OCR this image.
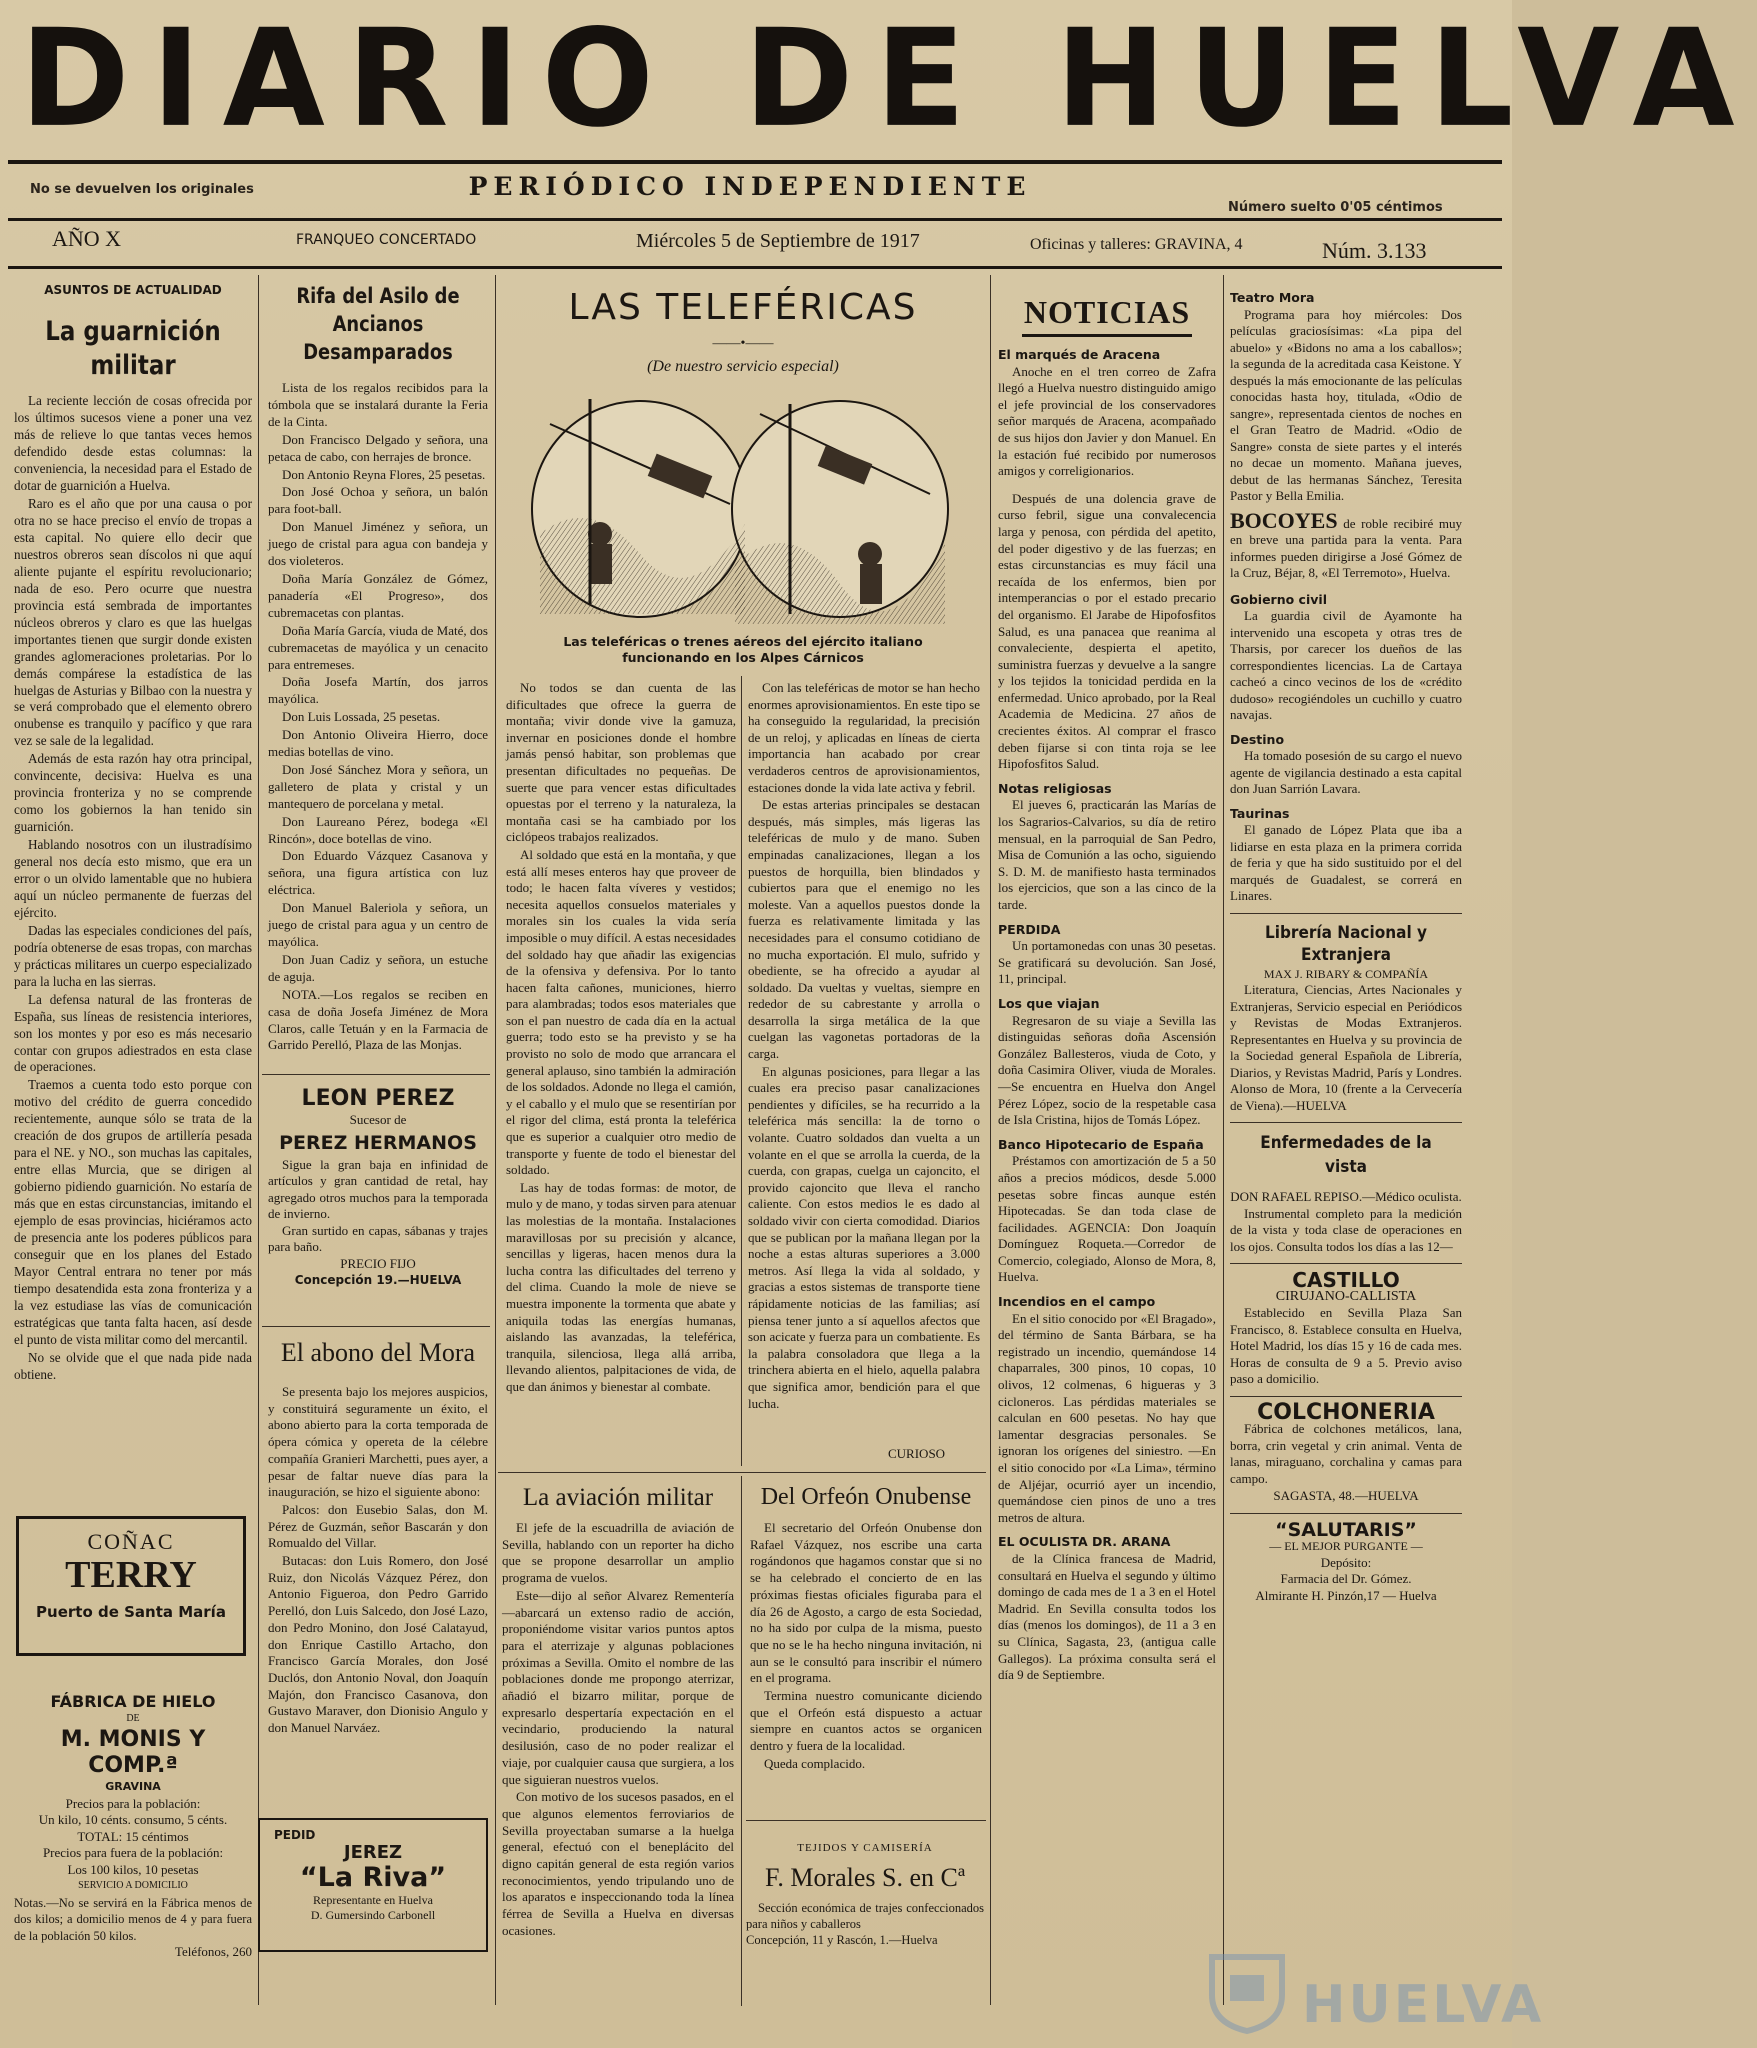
DIARIO DE HUELVA
No se devuelven los originales	PERIÓDICO INDEPENDIENTE
Número suelto 0'05 céntimos
AÑO X	FRANQUEO CONCERTADO	Miércoles 5 de Septiembre de 1917	Oficinas y talleres: GRAVINA, 4	Núm. 3.133
ASUNTOS DE ACTUALIDAD
La guarnición militar

La reciente lección de cosas ofrecida por los últimos sucesos viene a poner una vez más de relieve lo que tantas veces hemos defendido desde estas columnas: la conveniencia, la necesidad para el Estado de dotar de guarnición a Huelva.

Raro es el año que por una causa o por otra no se hace preciso el envío de tropas a esta capital. No quiere ello decir que nuestros obreros sean díscolos ni que aquí aliente pujante el espíritu revolucionario; nada de eso. Pero ocurre que nuestra provincia está sembrada de importantes núcleos obreros y claro es que las huelgas importantes tienen que surgir donde existen grandes aglomeraciones proletarias. Por lo demás compárese la estadística de las huelgas de Asturias y Bilbao con la nuestra y se verá comprobado que el elemento obrero onubense es tranquilo y pacífico y que rara vez se sale de la legalidad.

Además de esta razón hay otra principal, convincente, decisiva: Huelva es una provincia fronteriza y no se comprende como los gobiernos la han tenido sin guarnición.

Hablando nosotros con un ilustradísimo general nos decía esto mismo, que era un error o un olvido lamentable que no hubiera aquí un núcleo permanente de fuerzas del ejército.

Dadas las especiales condiciones del país, podría obtenerse de esas tropas, con marchas y prácticas militares un cuerpo especializado para la lucha en las sierras.

La defensa natural de las fronteras de España, sus líneas de resistencia interiores, son los montes y por eso es más necesario contar con grupos adiestrados en esta clase de operaciones.

Traemos a cuenta todo esto porque con motivo del crédito de guerra concedido recientemente, aunque sólo se trata de la creación de dos grupos de artillería pesada para el NE. y NO., son muchas las capitales, entre ellas Murcia, que se dirigen al gobierno pidiendo guarnición. No estaría de más que en estas circunstancias, imitando el ejemplo de esas provincias, hiciéramos acto de presencia ante los poderes públicos para conseguir que en los planes del Estado Mayor Central entrara no tener por más tiempo desatendida esta zona fronteriza y a la vez estudiase las vías de comunicación estratégicas que tanta falta hacen, así desde el punto de vista militar como del mercantil.

No se olvide que el que nada pide nada obtiene.

COÑAC
TERRY
Puerto de Santa María
FÁBRICA DE HIELO
DE
M. MONIS Y COMP.ª
GRAVINA
Precios para la población:
Un kilo, 10 cénts. consumo, 5 cénts.
TOTAL: 15 céntimos
Precios para fuera de la población:
Los 100 kilos, 10 pesetas
SERVICIO A DOMICILIO
Notas.—No se servirá en la Fábrica menos de dos kilos; a domicilio menos de 4 y para fuera de la población 50 kilos.
Teléfonos, 260
Rifa del Asilo de Ancianos Desamparados

Lista de los regalos recibidos para la tómbola que se instalará durante la Feria de la Cinta.

Don Francisco Delgado y señora, una petaca de cabo, con herrajes de bronce.

Don Antonio Reyna Flores, 25 pesetas.

Don José Ochoa y señora, un balón para foot-ball.

Don Manuel Jiménez y señora, un juego de cristal para agua con bandeja y dos violeteros.

Doña María González de Gómez, panadería «El Progreso», dos cubremacetas con plantas.

Doña María García, viuda de Maté, dos cubremacetas de mayólica y un cenacito para entremeses.

Doña Josefa Martín, dos jarros mayólica.

Don Luis Lossada, 25 pesetas.

Don Antonio Oliveira Hierro, doce medias botellas de vino.

Don José Sánchez Mora y señora, un galletero de plata y cristal y un mantequero de porcelana y metal.

Don Laureano Pérez, bodega «El Rincón», doce botellas de vino.

Don Eduardo Vázquez Casanova y señora, una figura artística con luz eléctrica.

Don Manuel Baleriola y señora, un juego de cristal para agua y un centro de mayólica.

Don Juan Cadiz y señora, un estuche de aguja.

NOTA.—Los regalos se reciben en casa de doña Josefa Jiménez de Mora Claros, calle Tetuán y en la Farmacia de Garrido Perelló, Plaza de las Monjas.

LEON PEREZ
Sucesor de
PEREZ HERMANOS
Sigue la gran baja en infinidad de artículos y gran cantidad de retal, hay agregado otros muchos para la temporada de invierno.
Gran surtido en capas, sábanas y trajes para baño.
PRECIO FIJO
Concepción 19.—HUELVA
El abono del Mora

Se presenta bajo los mejores auspicios, y constituirá seguramente un éxito, el abono abierto para la corta temporada de ópera cómica y opereta de la célebre compañía Granieri Marchetti, pues ayer, a pesar de faltar nueve días para la inauguración, se hizo el siguiente abono:

Palcos: don Eusebio Salas, don M. Pérez de Guzmán, señor Bascarán y don Romualdo del Villar.

Butacas: don Luis Romero, don José Ruiz, don Nicolás Vázquez Pérez, don Antonio Figueroa, don Pedro Garrido Perelló, don Luis Salcedo, don José Lazo, don Pedro Monino, don José Calatayud, don Enrique Castillo Artacho, don Francisco García Morales, don José Duclós, don Antonio Noval, don Joaquín Majón, don Francisco Casanova, don Gustavo Maraver, don Dionisio Angulo y don Manuel Narváez.

PEDID
JEREZ
“La Riva”
Representante en Huelva
D. Gumersindo Carbonell
LAS TELEFÉRICAS
——•——
(De nuestro servicio especial)
Las teleféricas o trenes aéreos del ejército italiano funcionando en los Alpes Cárnicos

No todos se dan cuenta de las dificultades que ofrece la guerra de montaña; vivir donde vive la gamuza, invernar en posiciones donde el hombre jamás pensó habitar, son problemas que presentan dificultades no pequeñas. De suerte que para vencer estas dificultades opuestas por el terreno y la naturaleza, la montaña casi se ha cambiado por los ciclópeos trabajos realizados.

Al soldado que está en la montaña, y que está allí meses enteros hay que proveer de todo; le hacen falta víveres y vestidos; necesita aquellos consuelos materiales y morales sin los cuales la vida sería imposible o muy difícil. A estas necesidades del soldado hay que añadir las exigencias de la ofensiva y defensiva. Por lo tanto hacen falta cañones, municiones, hierro para alambradas; todos esos materiales que son el pan nuestro de cada día en la actual guerra; todo esto se ha previsto y se ha provisto no solo de modo que arrancara el general aplauso, sino también la admiración de los soldados. Adonde no llega el camión, y el caballo y el mulo que se resentirían por el rigor del clima, está pronta la teleférica que es superior a cualquier otro medio de transporte y fuente de todo el bienestar del soldado.

Las hay de todas formas: de motor, de mulo y de mano, y todas sirven para atenuar las molestias de la montaña. Instalaciones maravillosas por su precisión y alcance, sencillas y ligeras, hacen menos dura la lucha contra las dificultades del terreno y del clima. Cuando la mole de nieve se muestra imponente la tormenta que abate y aniquila todas las energías humanas, aislando las avanzadas, la teleférica, tranquila, silenciosa, llega allá arriba, llevando alientos, palpitaciones de vida, de que dan ánimos y bienestar al combate.

Con las teleféricas de motor se han hecho enormes aprovisionamientos. En este tipo se ha conseguido la regularidad, la precisión de un reloj, y aplicadas en líneas de cierta importancia han acabado por crear verdaderos centros de aprovisionamientos, estaciones donde la vida late activa y febril.

De estas arterias principales se destacan después, más simples, más ligeras las teleféricas de mulo y de mano. Suben empinadas canalizaciones, llegan a los puestos de horquilla, bien blindados y cubiertos para que el enemigo no les moleste. Van a aquellos puestos donde la fuerza es relativamente limitada y las necesidades para el consumo cotidiano de no mucha exportación. El mulo, sufrido y obediente, se ha ofrecido a ayudar al soldado. Da vueltas y vueltas, siempre en rededor de su cabrestante y arrolla o desarrolla la sirga metálica de la que cuelgan las vagonetas portadoras de la carga.

En algunas posiciones, para llegar a las cuales era preciso pasar canalizaciones pendientes y difíciles, se ha recurrido a la teleférica más sencilla: la de torno o volante. Cuatro soldados dan vuelta a un volante en el que se arrolla la cuerda, de la cuerda, con grapas, cuelga un cajoncito, el provido cajoncito que lleva el rancho caliente. Con estos medios le es dado al soldado vivir con cierta comodidad. Diarios que se publican por la mañana llegan por la noche a estas alturas superiores a 3.000 metros. Así llega la vida al soldado, y gracias a estos sistemas de transporte tiene rápidamente noticias de las familias; así piensa tener junto a sí aquellos afectos que son acicate y fuerza para un combatiente. Es la palabra consoladora que llega a la trinchera abierta en el hielo, aquella palabra que significa amor, bendición para el que lucha.

CURIOSO
La aviación militar

El jefe de la escuadrilla de aviación de Sevilla, hablando con un reporter ha dicho que se propone desarrollar un amplio programa de vuelos.

Este—dijo al señor Alvarez Rementería—abarcará un extenso radio de acción, proponiéndome visitar varios puntos aptos para el aterrizaje y algunas poblaciones próximas a Sevilla. Omito el nombre de las poblaciones donde me propongo aterrizar, añadió el bizarro militar, porque de expresarlo despertaría expectación en el vecindario, produciendo la natural desilusión, caso de no poder realizar el viaje, por cualquier causa que surgiera, a los que siguieran nuestros vuelos.

Con motivo de los sucesos pasados, en el que algunos elementos ferroviarios de Sevilla proyectaban sumarse a la huelga general, efectuó con el beneplácito del digno capitán general de esta región varios reconocimientos, yendo tripulando uno de los aparatos e inspeccionando toda la línea férrea de Sevilla a Huelva en diversas ocasiones.

Del Orfeón Onubense

El secretario del Orfeón Onubense don Rafael Vázquez, nos escribe una carta rogándonos que hagamos constar que si no se ha celebrado el concierto de en las próximas fiestas oficiales figuraba para el día 26 de Agosto, a cargo de esta Sociedad, no ha sido por culpa de la misma, puesto que no se le ha hecho ninguna invitación, ni aun se le consultó para inscribir el número en el programa.

Termina nuestro comunicante diciendo que el Orfeón está dispuesto a actuar siempre en cuantos actos se organicen dentro y fuera de la localidad.

Queda complacido.

TEJIDOS Y CAMISERÍA
F. Morales S. en Cª
Sección económica de trajes confeccionados para niños y caballeros
Concepción, 11 y Rascón, 1.—Huelva
NOTICIAS
El marqués de Aracena

Anoche en el tren correo de Zafra llegó a Huelva nuestro distinguido amigo el jefe provincial de los conservadores señor marqués de Aracena, acompañado de sus hijos don Javier y don Manuel. En la estación fué recibido por numerosos amigos y correligionarios.

Después de una dolencia grave de curso febril, sigue una convalecencia larga y penosa, con pérdida del apetito, del poder digestivo y de las fuerzas; en estas circunstancias es muy fácil una recaída de los enfermos, bien por intemperancias o por el estado precario del organismo. El Jarabe de Hipofosfitos Salud, es una panacea que reanima al convaleciente, despierta el apetito, suministra fuerzas y devuelve a la sangre y los tejidos la tonicidad perdida en la enfermedad. Unico aprobado, por la Real Academia de Medicina. 27 años de crecientes éxitos. Al comprar el frasco deben fijarse si con tinta roja se lee Hipofosfitos Salud.

Notas religiosas

El jueves 6, practicarán las Marías de los Sagrarios-Calvarios, su día de retiro mensual, en la parroquial de San Pedro, Misa de Comunión a las ocho, siguiendo S. D. M. de manifiesto hasta terminados los ejercicios, que son a las cinco de la tarde.

PERDIDA

Un portamonedas con unas 30 pesetas. Se gratificará su devolución. San José, 11, principal.

Los que viajan

Regresaron de su viaje a Sevilla las distinguidas señoras doña Ascensión González Ballesteros, viuda de Coto, y doña Casimira Oliver, viuda de Morales. —Se encuentra en Huelva don Angel Pérez López, socio de la respetable casa de Isla Cristina, hijos de Tomás López.

Banco Hipotecario de España

Préstamos con amortización de 5 a 50 años a precios módicos, desde 5.000 pesetas sobre fincas aunque estén Hipotecadas. Se dan toda clase de facilidades. AGENCIA: Don Joaquín Domínguez Roqueta.—Corredor de Comercio, colegiado, Alonso de Mora, 8, Huelva.

Incendios en el campo

En el sitio conocido por «El Bragado», del término de Santa Bárbara, se ha registrado un incendio, quemándose 14 chaparrales, 300 pinos, 10 copas, 10 olivos, 12 colmenas, 6 higueras y 3 cicloneros. Las pérdidas materiales se calculan en 600 pesetas. No hay que lamentar desgracias personales. Se ignoran los orígenes del siniestro. —En el sitio conocido por «La Lima», término de Aljéjar, ocurrió ayer un incendio, quemándose cien pinos de uno a tres metros de altura.

EL OCULISTA DR. ARANA

de la Clínica francesa de Madrid, consultará en Huelva el segundo y último domingo de cada mes de 1 a 3 en el Hotel Madrid. En Sevilla consulta todos los días (menos los domingos), de 11 a 3 en su Clínica, Sagasta, 23, (antigua calle Gallegos). La próxima consulta será el día 9 de Septiembre.

Teatro Mora

Programa para hoy miércoles: Dos películas graciosísimas: «La pipa del abuelo» y «Bidons no ama a los caballos»; la segunda de la acreditada casa Keistone. Y después la más emocionante de las películas conocidas hasta hoy, titulada, «Odio de sangre», representada cientos de noches en el Gran Teatro de Madrid. «Odio de Sangre» consta de siete partes y el interés no decae un momento. Mañana jueves, debut de las hermanas Sánchez, Teresita Pastor y Bella Emilia.

BOCOYES de roble recibiré muy en breve una partida para la venta. Para informes pueden dirigirse a José Gómez de la Cruz, Béjar, 8, «El Terremoto», Huelva.
Gobierno civil

La guardia civil de Ayamonte ha intervenido una escopeta y otras tres de Tharsis, por carecer los dueños de las correspondientes licencias. La de Cartaya cacheó a cinco vecinos de los de «crédito dudoso» recogiéndoles un cuchillo y cuatro navajas.

Destino

Ha tomado posesión de su cargo el nuevo agente de vigilancia destinado a esta capital don Juan Sarrión Lavara.

Taurinas

El ganado de López Plata que iba a lidiarse en esta plaza en la primera corrida de feria y que ha sido sustituido por el del marqués de Guadalest, se correrá en Linares.

Librería Nacional y Extranjera
MAX J. RIBARY & COMPAÑÍA

Literatura, Ciencias, Artes Nacionales y Extranjeras, Servicio especial en Periódicos y Revistas de Modas Extranjeros. Representantes en Huelva y su provincia de la Sociedad general Española de Librería, Diarios, y Revistas Madrid, París y Londres. Alonso de Mora, 10 (frente a la Cervecería de Viena).—HUELVA

Enfermedades de la vista
DON RAFAEL REPISO.—Médico oculista.

Instrumental completo para la medición de la vista y toda clase de operaciones en los ojos. Consulta todos los días a las 12—

CASTILLO
CIRUJANO-CALLISTA

Establecido en Sevilla Plaza San Francisco, 8. Establece consulta en Huelva, Hotel Madrid, los días 15 y 16 de cada mes. Horas de consulta de 9 a 5. Previo aviso paso a domicilio.

COLCHONERIA

Fábrica de colchones metálicos, lana, borra, crin vegetal y crin animal. Venta de lanas, miraguano, corchalina y camas para campo.

SAGASTA, 48.—HUELVA
“SALUTARIS”
— EL MEJOR PURGANTE —
Depósito:
Farmacia del Dr. Gómez.
Almirante H. Pinzón,17 — Huelva
HUELVA
